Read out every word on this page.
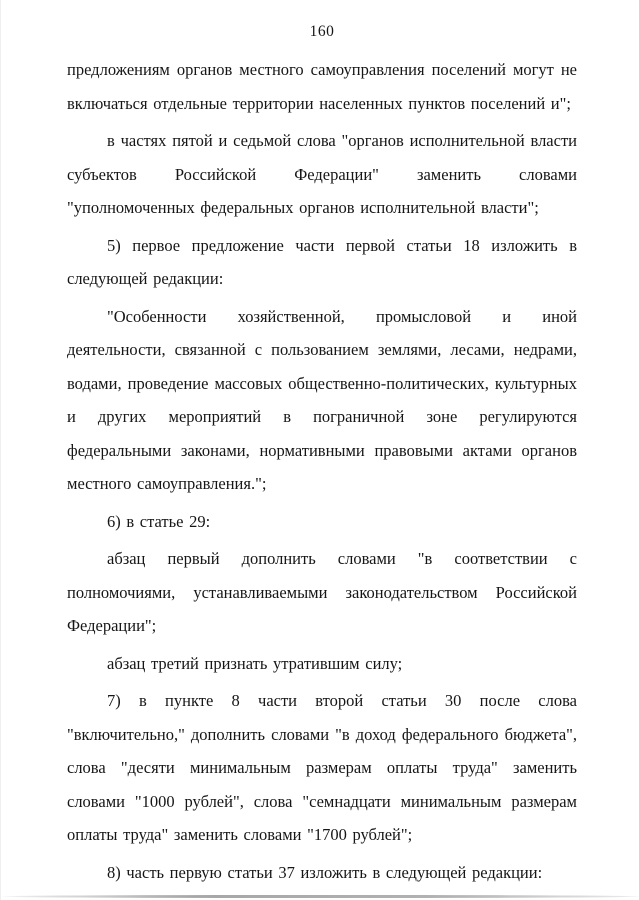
160

предложениям органов местного самоуправления поселений могут не включаться отдельные территории населенных пунктов поселений и";

в частях пятой и седьмой слова "органов исполнительной власти субъектов Российской Федерации" заменить словами "уполномоченных федеральных органов исполнительной власти";

5) первое предложение части первой статьи 18 изложить в следующей редакции:

"Особенности хозяйственной, промысловой и иной деятельности, связанной с пользованием землями, лесами, недрами, водами, проведение массовых общественно-политических, культурных и других мероприятий в пограничной зоне регулируются федеральными законами, нормативными правовыми актами органов местного самоуправления.";

6) в статье 29:

абзац первый дополнить словами "в соответствии с полномочиями, устанавливаемыми законодательством Российской Федерации";

абзац третий признать утратившим силу;

7) в пункте 8 части второй статьи 30 после слова "включительно," дополнить словами "в доход федерального бюджета", слова "десяти минимальным размерам оплаты труда" заменить словами "1000 рублей", слова "семнадцати минимальным размерам оплаты труда" заменить словами "1700 рублей";

8) часть первую статьи 37 изложить в следующей редакции:
